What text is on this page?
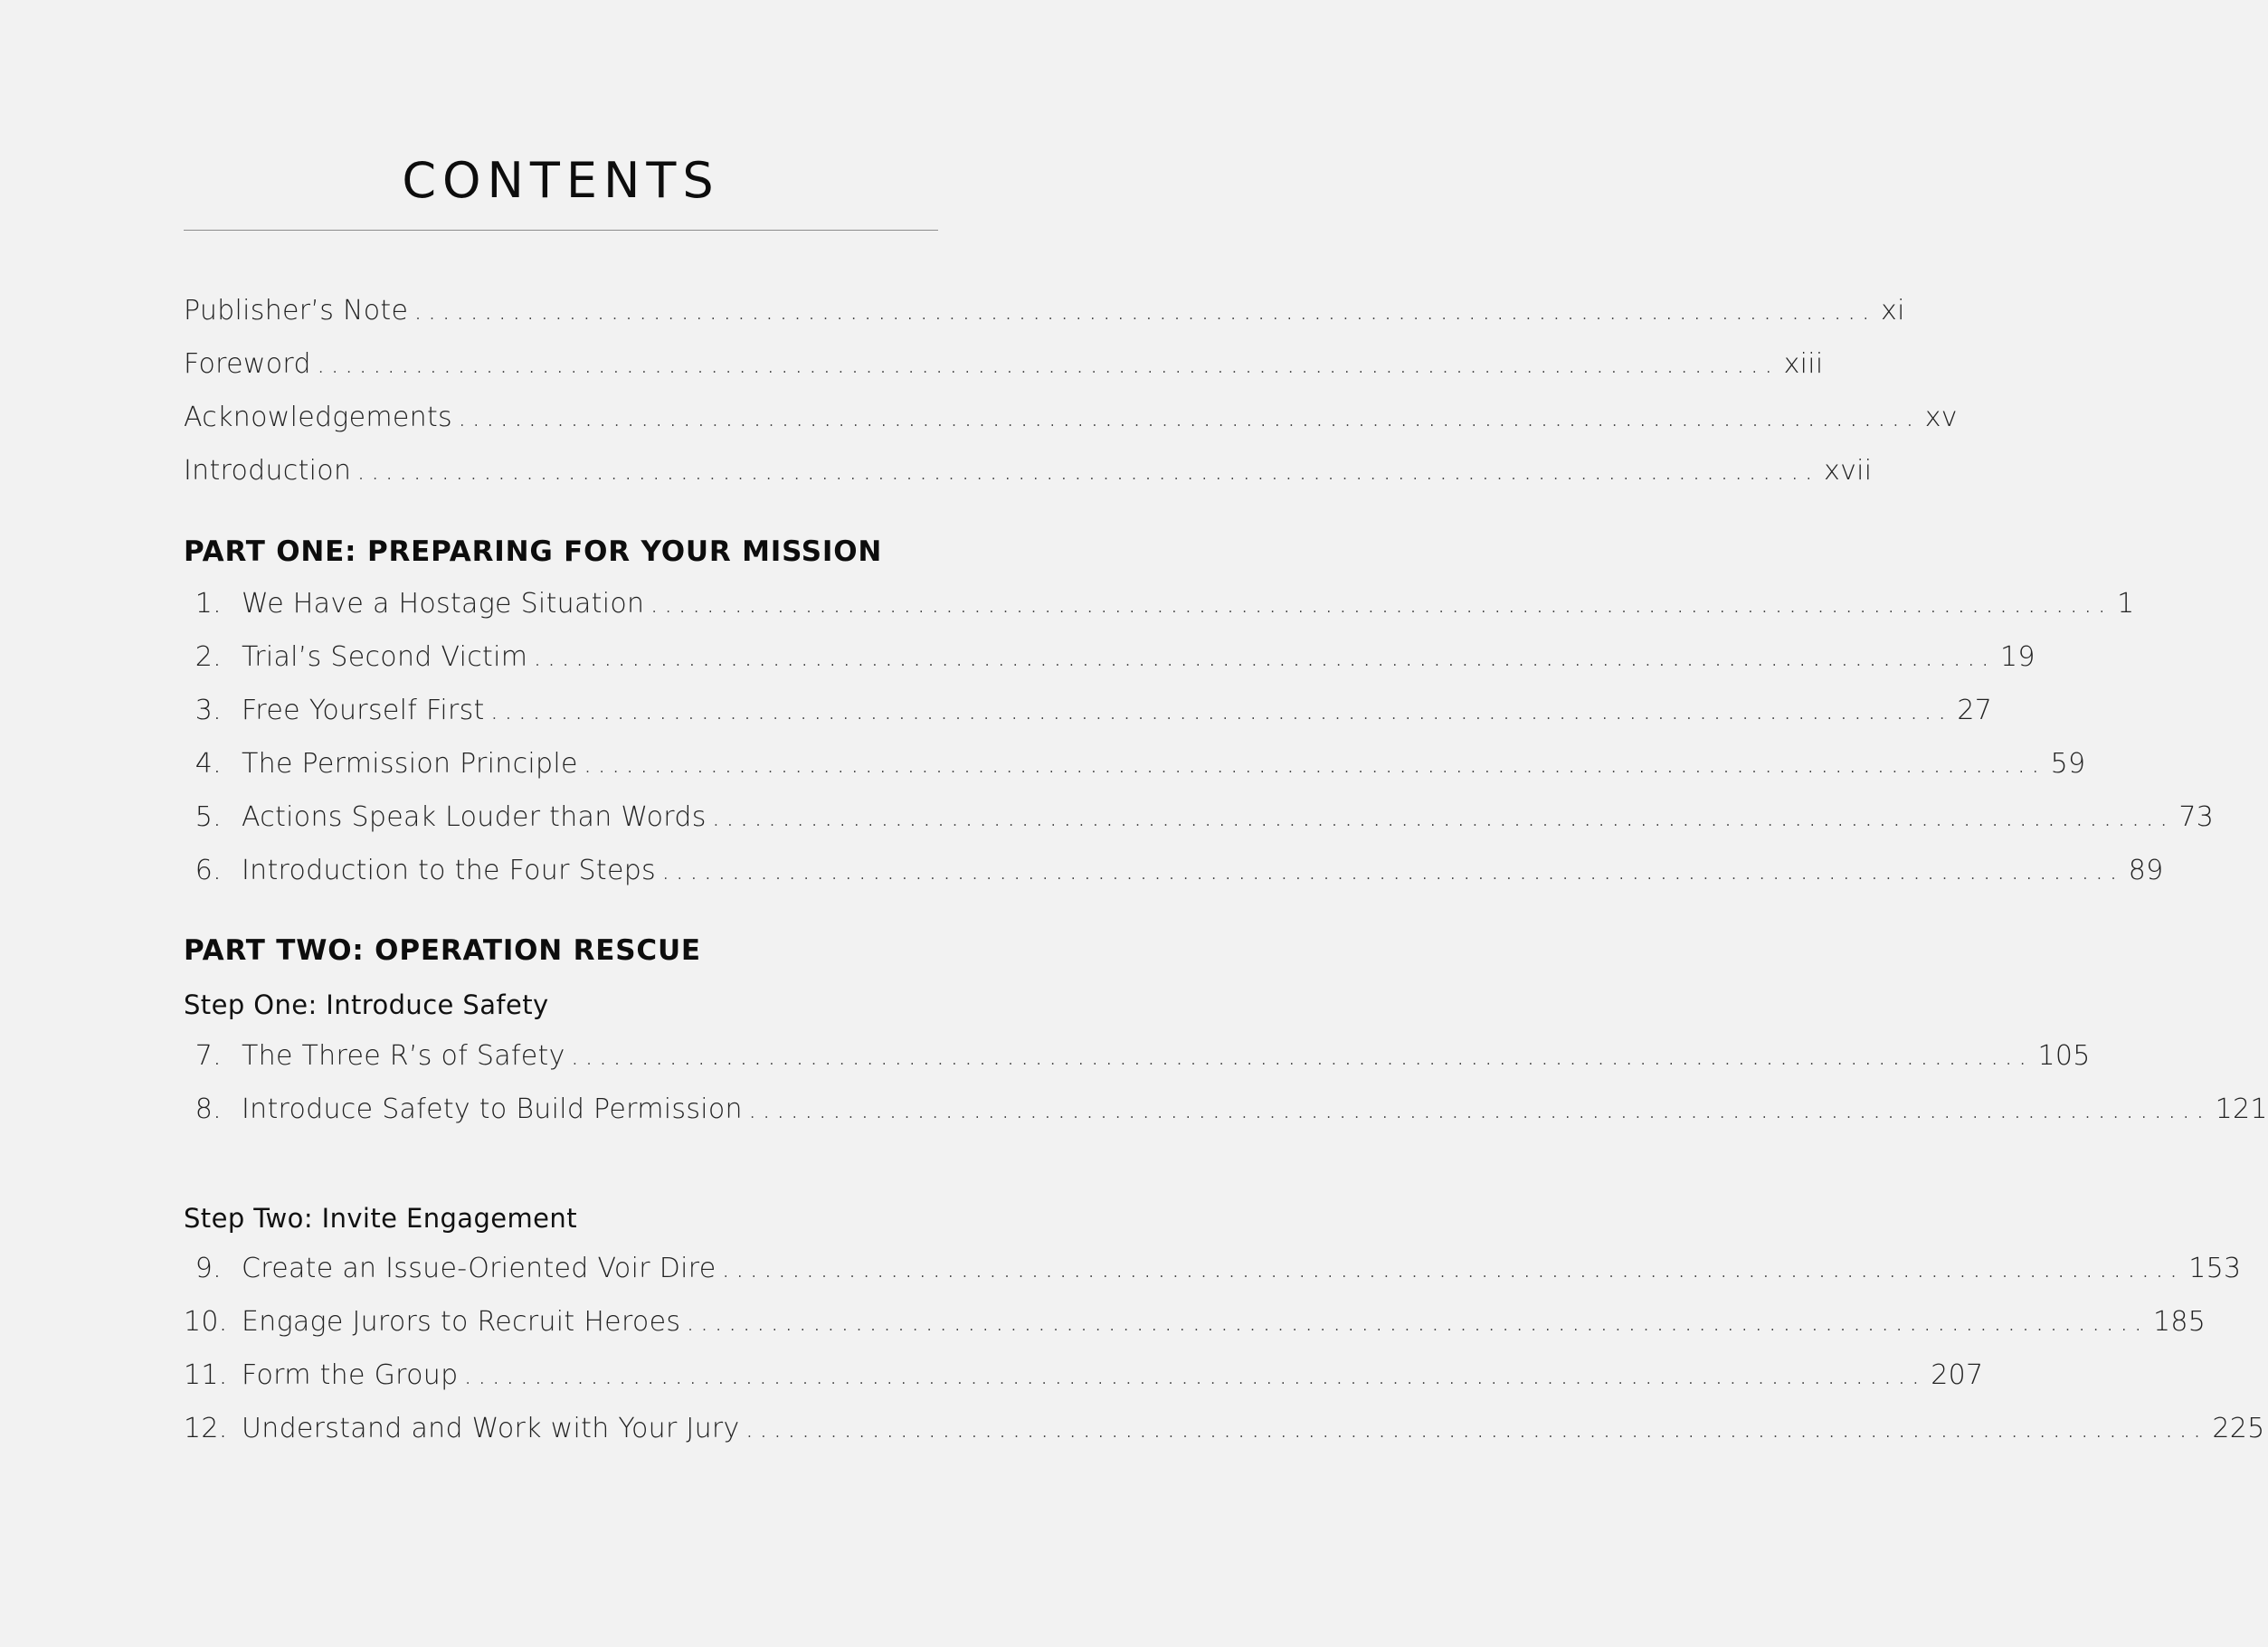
CONTENTS
Publisher’s Note ........................................................................................................ xi
Foreword ........................................................................................................ xiii
Acknowledgements ........................................................................................................ xv
Introduction ........................................................................................................ xvii
PART ONE: PREPARING FOR YOUR MISSION
1. We Have a Hostage Situation ........................................................................................................ 1
2. Trial’s Second Victim ........................................................................................................ 19
3. Free Yourself First ........................................................................................................ 27
4. The Permission Principle ........................................................................................................ 59
5. Actions Speak Louder than Words ........................................................................................................ 73
6. Introduction to the Four Steps ........................................................................................................ 89
PART TWO: OPERATION RESCUE
Step One: Introduce Safety
7. The Three R’s of Safety ........................................................................................................ 105
8. Introduce Safety to Build Permission ........................................................................................................ 121
Step Two: Invite Engagement
9. Create an Issue-Oriented Voir Dire ........................................................................................................ 153
10. Engage Jurors to Recruit Heroes ........................................................................................................ 185
11. Form the Group ........................................................................................................ 207
12. Understand and Work with Your Jury ........................................................................................................ 225
